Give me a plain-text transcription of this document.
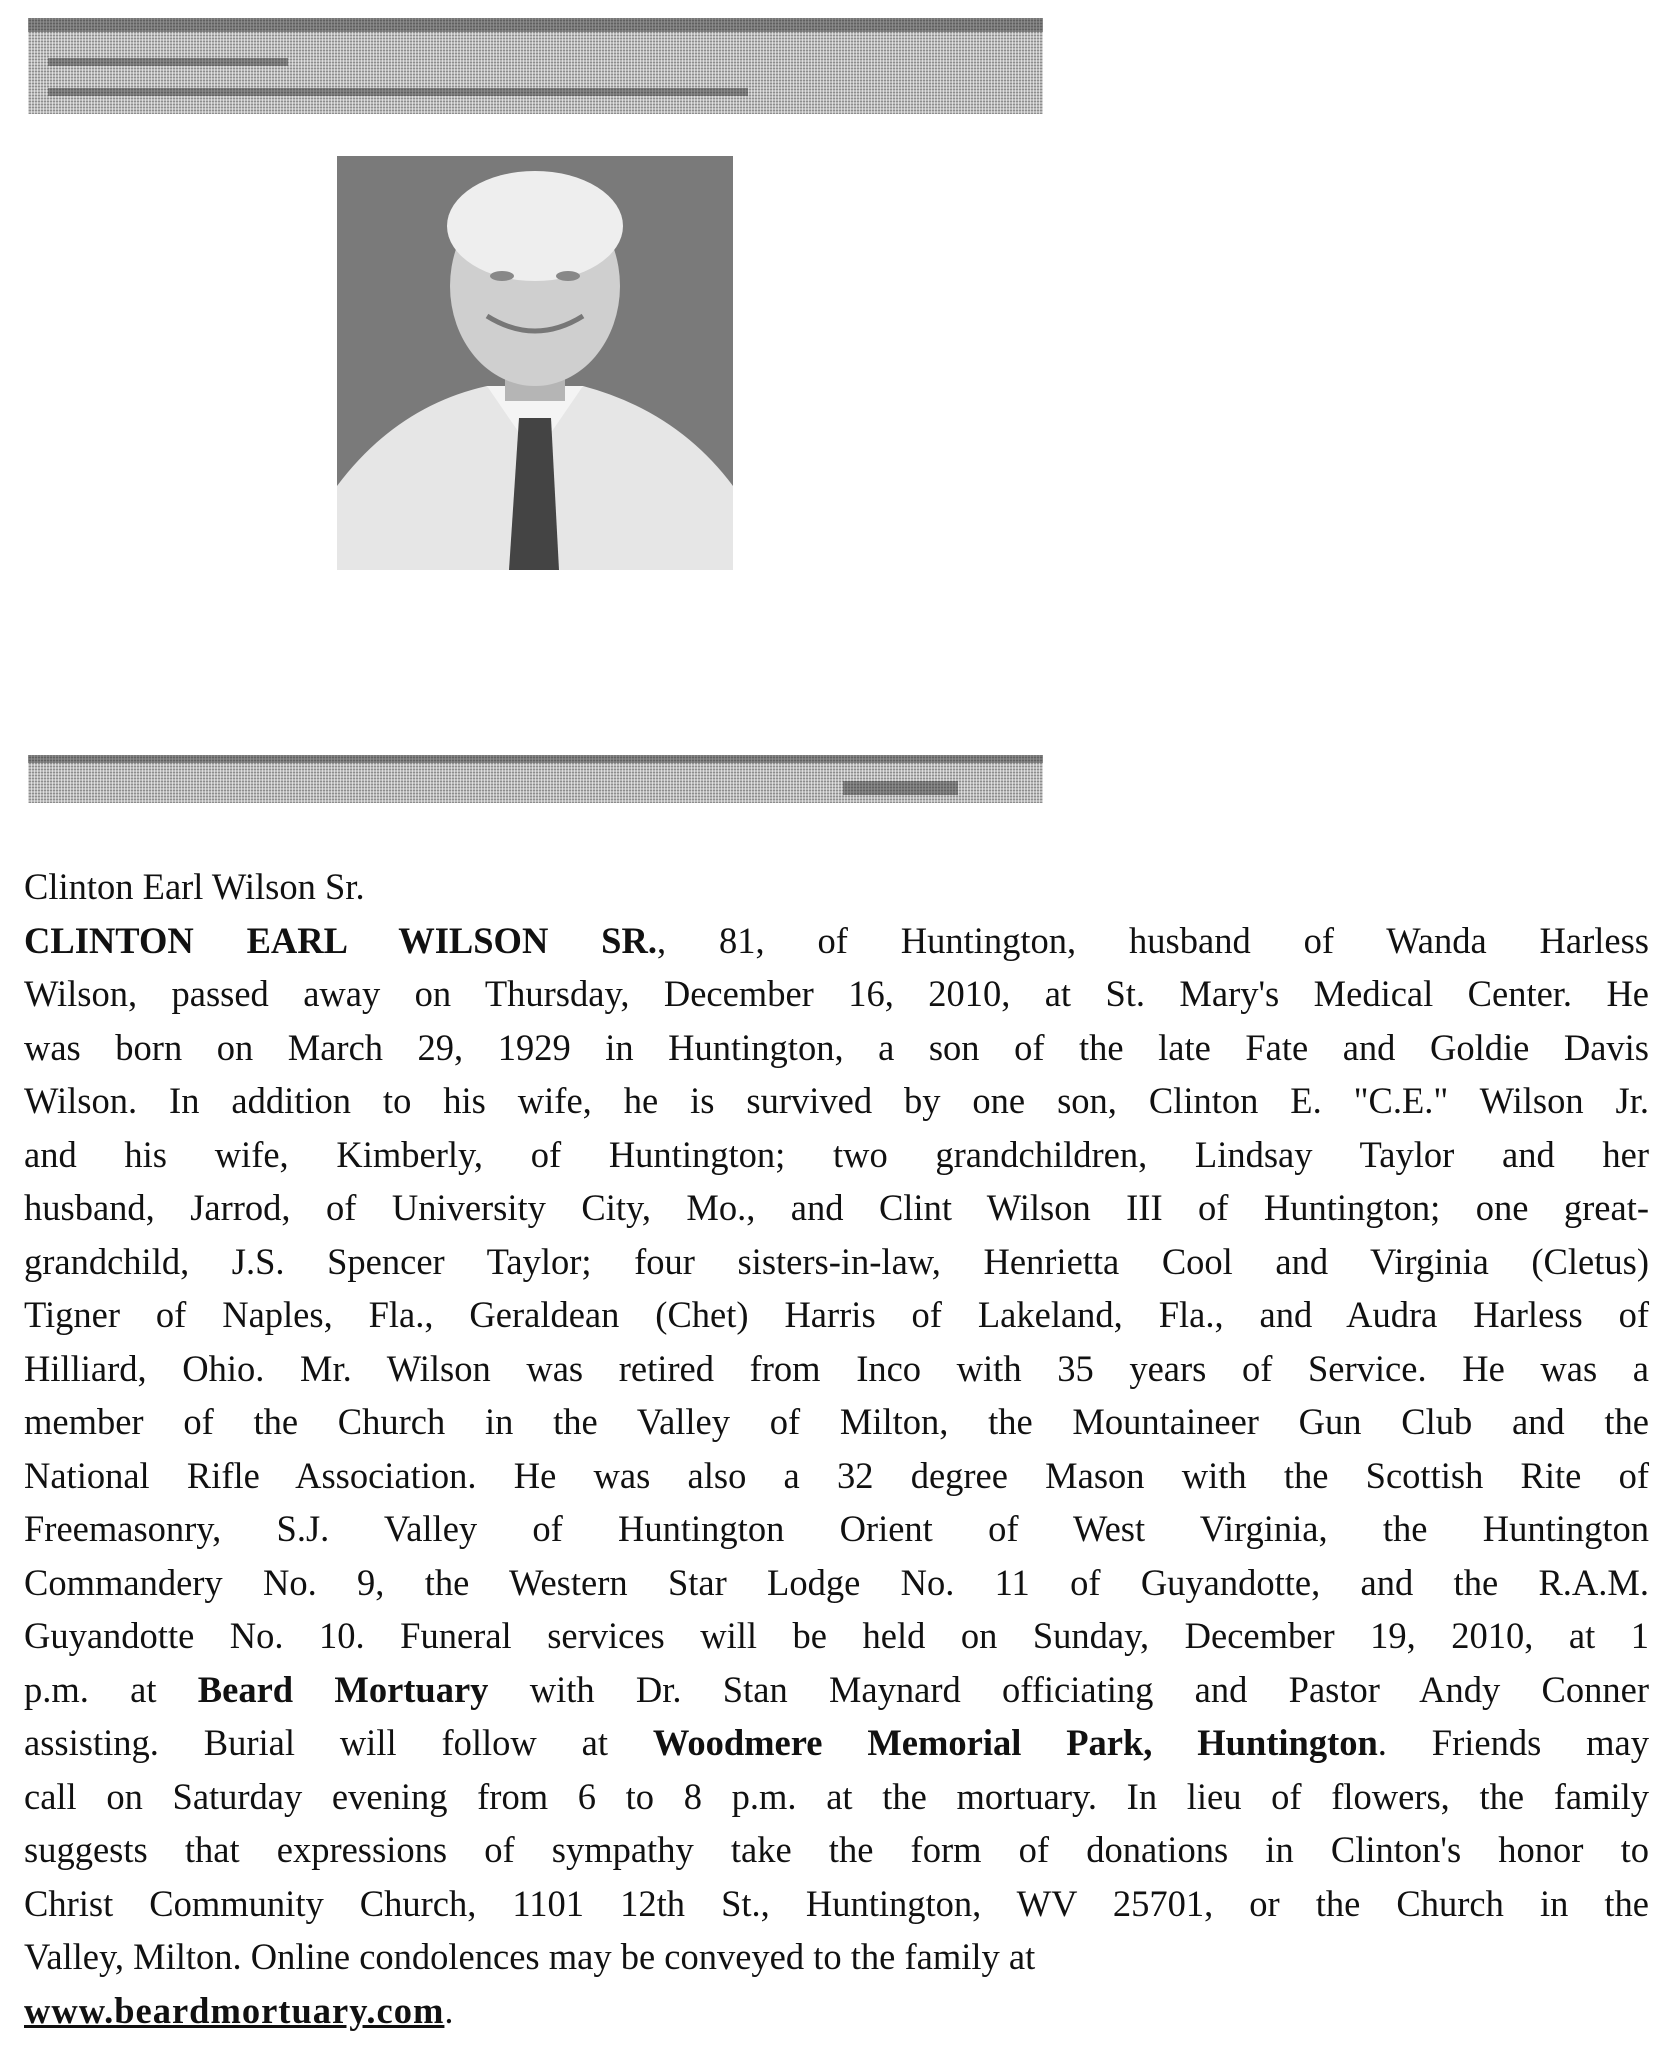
Clinton Earl Wilson Sr.

CLINTON EARL WILSON SR., 81, of Huntington, husband of Wanda Harless
Wilson, passed away on Thursday, December 16, 2010, at St. Mary's Medical Center. He
was born on March 29, 1929 in Huntington, a son of the late Fate and Goldie Davis
Wilson. In addition to his wife, he is survived by one son, Clinton E. "C.E." Wilson Jr.
and his wife, Kimberly, of Huntington; two grandchildren, Lindsay Taylor and her
husband, Jarrod, of University City, Mo., and Clint Wilson III of Huntington; one great-
grandchild, J.S. Spencer Taylor; four sisters-in-law, Henrietta Cool and Virginia (Cletus)
Tigner of Naples, Fla., Geraldean (Chet) Harris of Lakeland, Fla., and Audra Harless of
Hilliard, Ohio. Mr. Wilson was retired from Inco with 35 years of Service. He was a
member of the Church in the Valley of Milton, the Mountaineer Gun Club and the
National Rifle Association. He was also a 32 degree Mason with the Scottish Rite of
Freemasonry, S.J. Valley of Huntington Orient of West Virginia, the Huntington
Commandery No. 9, the Western Star Lodge No. 11 of Guyandotte, and the R.A.M.
Guyandotte No. 10. Funeral services will be held on Sunday, December 19, 2010, at 1
p.m. at Beard Mortuary with Dr. Stan Maynard officiating and Pastor Andy Conner
assisting. Burial will follow at Woodmere Memorial Park, Huntington. Friends may
call on Saturday evening from 6 to 8 p.m. at the mortuary. In lieu of flowers, the family
suggests that expressions of sympathy take the form of donations in Clinton's honor to
Christ Community Church, 1101 12th St., Huntington, WV 25701, or the Church in the
Valley, Milton. Online condolences may be conveyed to the family at
www.beardmortuary.com.
